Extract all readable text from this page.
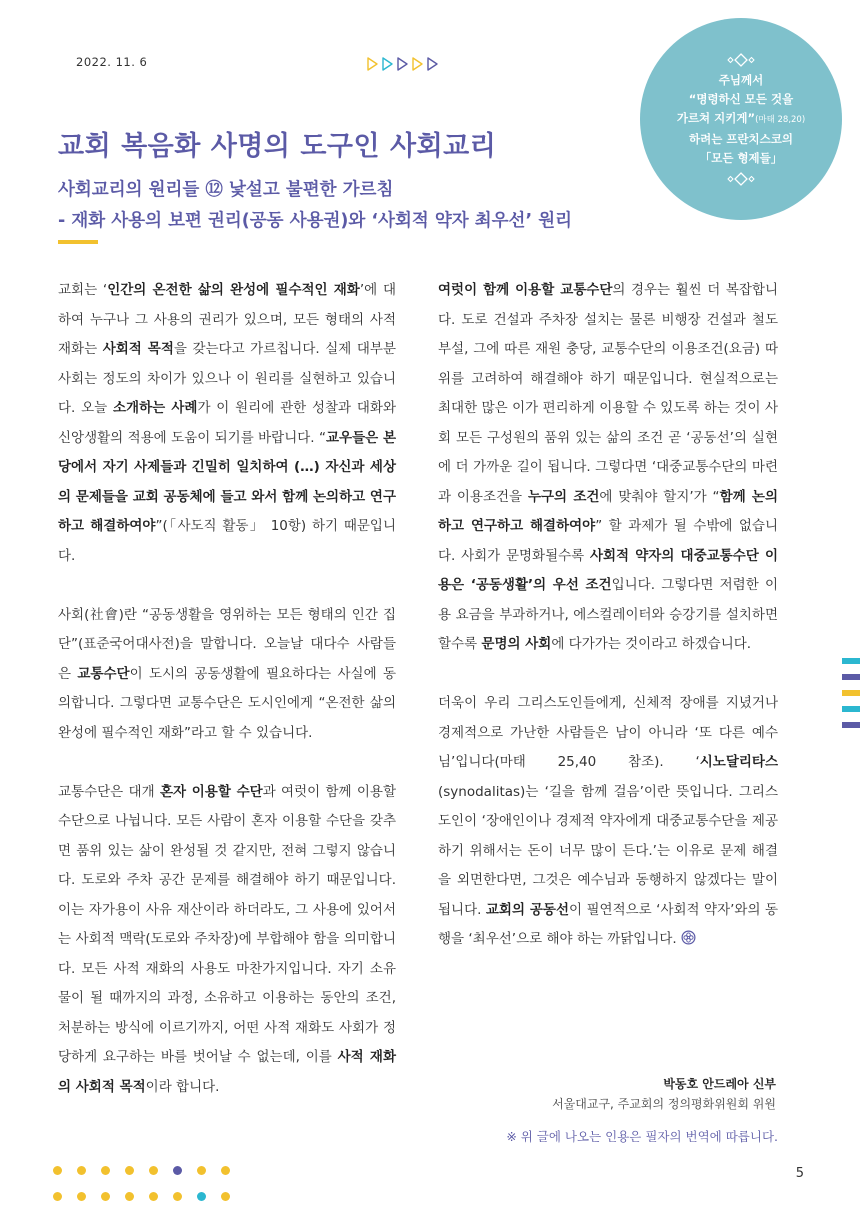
2022. 11. 6
주님께서
“명령하신 모든 것을
가르쳐 지키게”(마태 28,20)
하려는 프란치스코의
「모든 형제들」
교회 복음화 사명의 도구인 사회교리
사회교리의 원리들 ⑫ 낯설고 불편한 가르침
- 재화 사용의 보편 권리(공동 사용권)와 ‘사회적 약자 최우선’ 원리

교회는 ‘인간의 온전한 삶의 완성에 필수적인 재화’에 대하여 누구나 그 사용의 권리가 있으며, 모든 형태의 사적 재화는 사회적 목적을 갖는다고 가르칩니다. 실제 대부분 사회는 정도의 차이가 있으나 이 원리를 실현하고 있습니다. 오늘 소개하는 사례가 이 원리에 관한 성찰과 대화와 신앙생활의 적용에 도움이 되기를 바랍니다. “교우들은 본당에서 자기 사제들과 긴밀히 일치하여 (…) 자신과 세상의 문제들을 교회 공동체에 들고 와서 함께 논의하고 연구하고 해결하여야”(「사도직 활동」 10항) 하기 때문입니다.

사회(社會)란 “공동생활을 영위하는 모든 형태의 인간 집단”(표준국어대사전)을 말합니다. 오늘날 대다수 사람들은 교통수단이 도시의 공동생활에 필요하다는 사실에 동의합니다. 그렇다면 교통수단은 도시인에게 “온전한 삶의 완성에 필수적인 재화”라고 할 수 있습니다.

교통수단은 대개 혼자 이용할 수단과 여럿이 함께 이용할 수단으로 나뉩니다. 모든 사람이 혼자 이용할 수단을 갖추면 품위 있는 삶이 완성될 것 같지만, 전혀 그렇지 않습니다. 도로와 주차 공간 문제를 해결해야 하기 때문입니다. 이는 자가용이 사유 재산이라 하더라도, 그 사용에 있어서는 사회적 맥락(도로와 주차장)에 부합해야 함을 의미합니다. 모든 사적 재화의 사용도 마찬가지입니다. 자기 소유물이 될 때까지의 과정, 소유하고 이용하는 동안의 조건, 처분하는 방식에 이르기까지, 어떤 사적 재화도 사회가 정당하게 요구하는 바를 벗어날 수 없는데, 이를 사적 재화의 사회적 목적이라 합니다.

여럿이 함께 이용할 교통수단의 경우는 훨씬 더 복잡합니다. 도로 건설과 주차장 설치는 물론 비행장 건설과 철도 부설, 그에 따른 재원 충당, 교통수단의 이용조건(요금) 따위를 고려하여 해결해야 하기 때문입니다. 현실적으로는 최대한 많은 이가 편리하게 이용할 수 있도록 하는 것이 사회 모든 구성원의 품위 있는 삶의 조건 곧 ‘공동선’의 실현에 더 가까운 길이 됩니다. 그렇다면 ‘대중교통수단의 마련과 이용조건을 누구의 조건에 맞춰야 할지’가 “함께 논의하고 연구하고 해결하여야” 할 과제가 될 수밖에 없습니다. 사회가 문명화될수록 사회적 약자의 대중교통수단 이용은 ‘공동생활’의 우선 조건입니다. 그렇다면 저렴한 이용 요금을 부과하거나, 에스컬레이터와 승강기를 설치하면 할수록 문명의 사회에 다가가는 것이라고 하겠습니다.

더욱이 우리 그리스도인들에게, 신체적 장애를 지녔거나 경제적으로 가난한 사람들은 남이 아니라 ‘또 다른 예수님’입니다(마태 25,40 참조). ‘시노달리타스(synodalitas)는 ‘길을 함께 걸음’이란 뜻입니다. 그리스도인이 ‘장애인이나 경제적 약자에게 대중교통수단을 제공하기 위해서는 돈이 너무 많이 든다.’는 이유로 문제 해결을 외면한다면, 그것은 예수님과 동행하지 않겠다는 말이 됩니다. 교회의 공동선이 필연적으로 ‘사회적 약자’와의 동행을 ‘최우선’으로 해야 하는 까닭입니다.

박동호 안드레아 신부
서울대교구, 주교회의 정의평화위원회 위원
※ 위 글에 나오는 인용은 필자의 번역에 따릅니다.
5
